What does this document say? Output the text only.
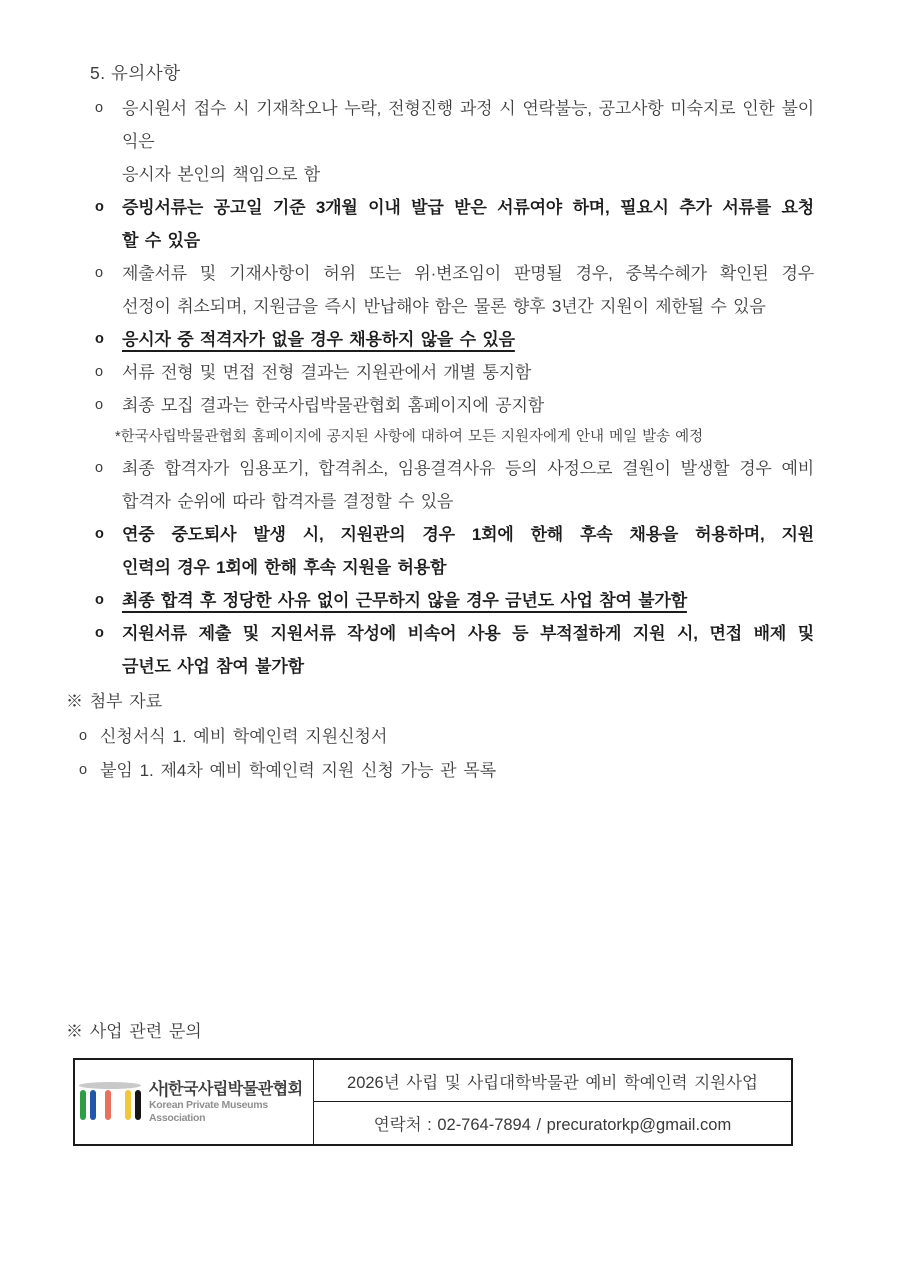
5. 유의사항
o	응시원서 접수 시 기재착오나 누락, 전형진행 과정 시 연락불능, 공고사항 미숙지로 인한 불이익은
응시자 본인의 책임으로 함
o	증빙서류는 공고일 기준 3개월 이내 발급 받은 서류여야 하며, 필요시 추가 서류를 요청
할 수 있음
o	제출서류 및 기재사항이 허위 또는 위·변조임이 판명될 경우, 중복수혜가 확인된 경우
선정이 취소되며, 지원금을 즉시 반납해야 함은 물론 향후 3년간 지원이 제한될 수 있음
o	응시자 중 적격자가 없을 경우 채용하지 않을 수 있음
o	서류 전형 및 면접 전형 결과는 지원관에서 개별 통지함
o	최종 모집 결과는 한국사립박물관협회 홈페이지에 공지함
*한국사립박물관협회 홈페이지에 공지된 사항에 대하여 모든 지원자에게 안내 메일 발송 예정
o	최종 합격자가 임용포기, 합격취소, 임용결격사유 등의 사정으로 결원이 발생할 경우 예비
합격자 순위에 따라 합격자를 결정할 수 있음
o	연중 중도퇴사 발생 시, 지원관의 경우 1회에 한해 후속 채용을 허용하며, 지원
인력의 경우 1회에 한해 후속 지원을 허용함
o	최종 합격 후 정당한 사유 없이 근무하지 않을 경우 금년도 사업 참여 불가함
o	지원서류 제출 및 지원서류 작성에 비속어 사용 등 부적절하게 지원 시, 면접 배제 및
금년도 사업 참여 불가함
※ 첨부 자료
o 신청서식 1. 예비 학예인력 지원신청서
o 붙임 1. 제4차 예비 학예인력 지원 신청 가능 관 목록
※ 사업 관련 문의
사|한국사립박물관협회
Korean Private Museums Association
2026년 사립 및 사립대학박물관 예비 학예인력 지원사업
연락처 : 02-764-7894 / precuratorkp@gmail.com
